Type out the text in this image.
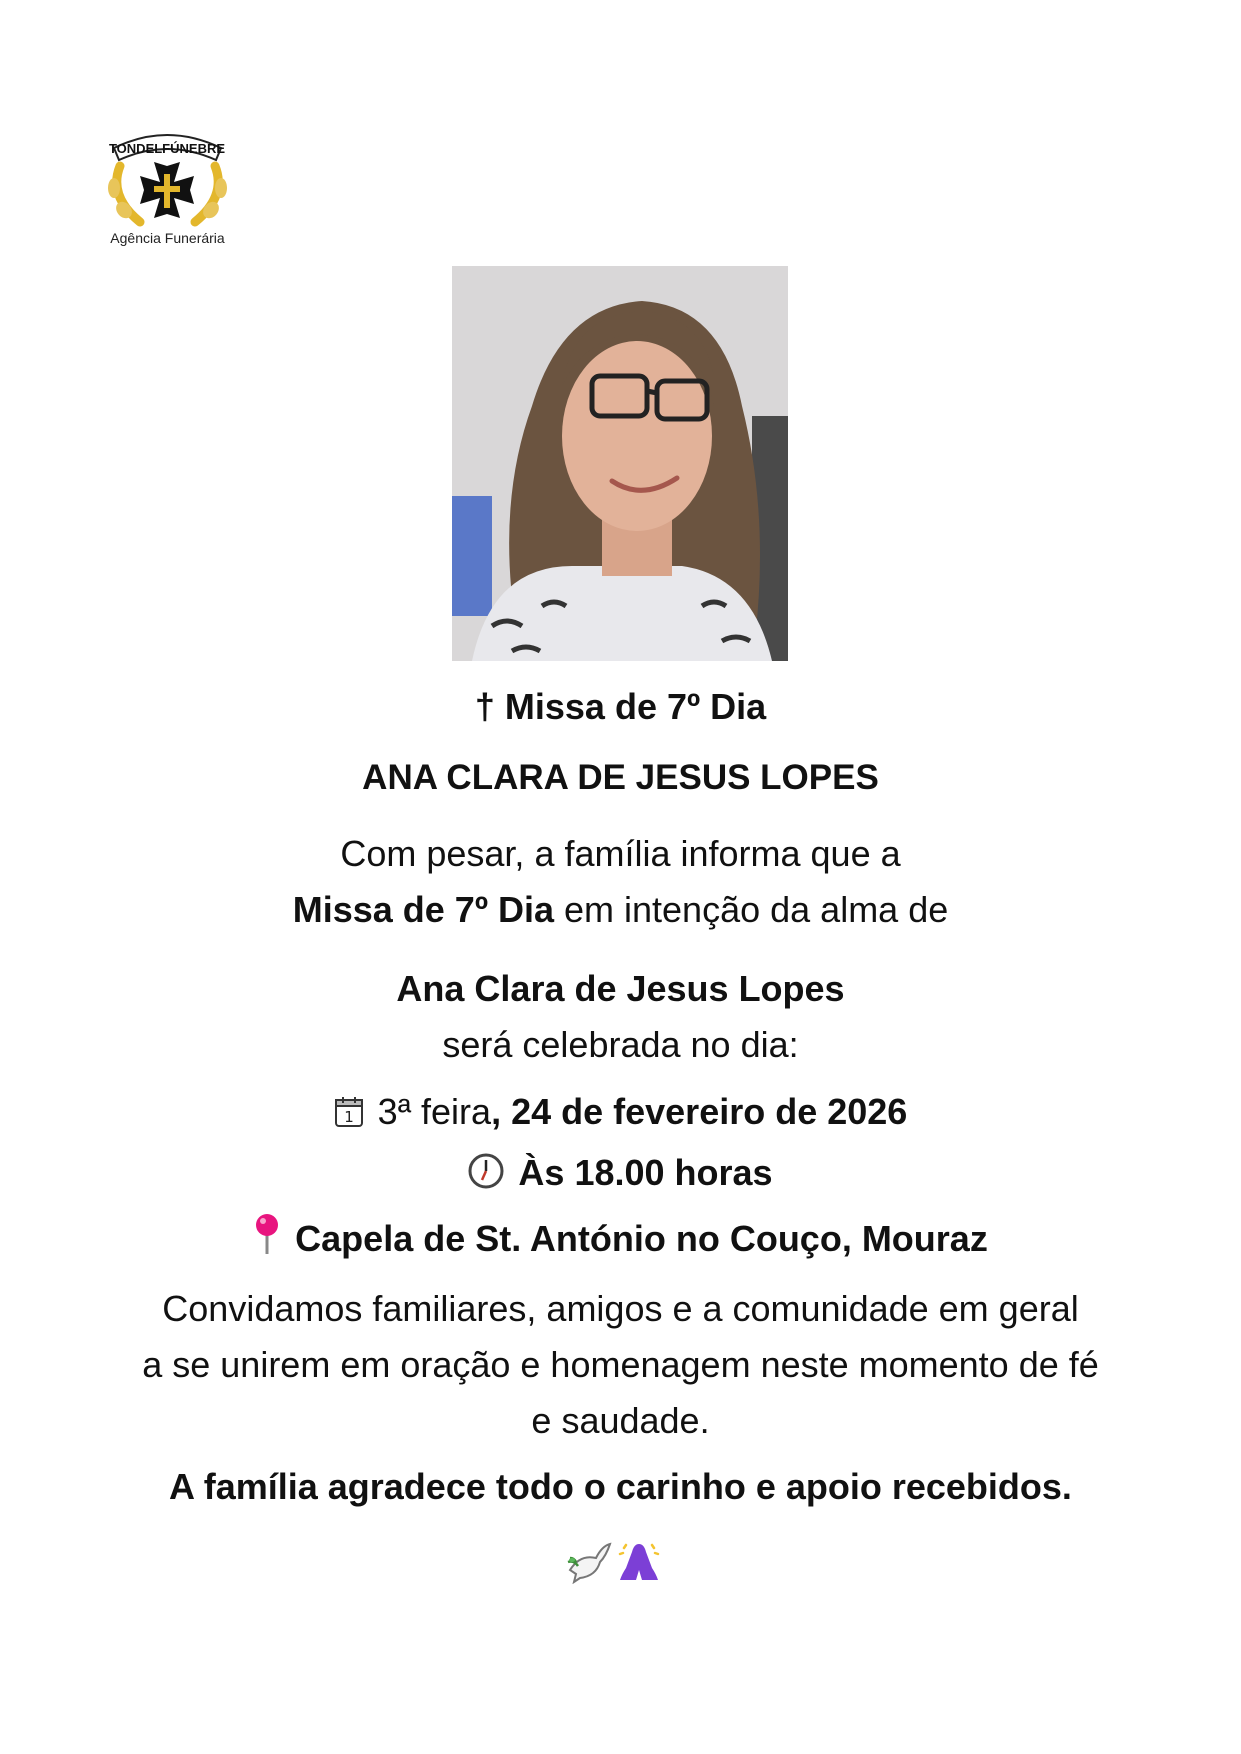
TONDELFÚNEBRE
Agência Funerária
† Missa de 7º Dia
ANA CLARA DE JESUS LOPES
Com pesar, a família informa que a
Missa de 7º Dia em intenção da alma de
Ana Clara de Jesus Lopes
será celebrada no dia:
1 3ª feira, 24 de fevereiro de 2026
Às 18.00 horas
Capela de St. António no Couço, Mouraz
Convidamos familiares, amigos e a comunidade em geral
a se unirem em oração e homenagem neste momento de fé
e saudade.
A família agradece todo o carinho e apoio recebidos.
